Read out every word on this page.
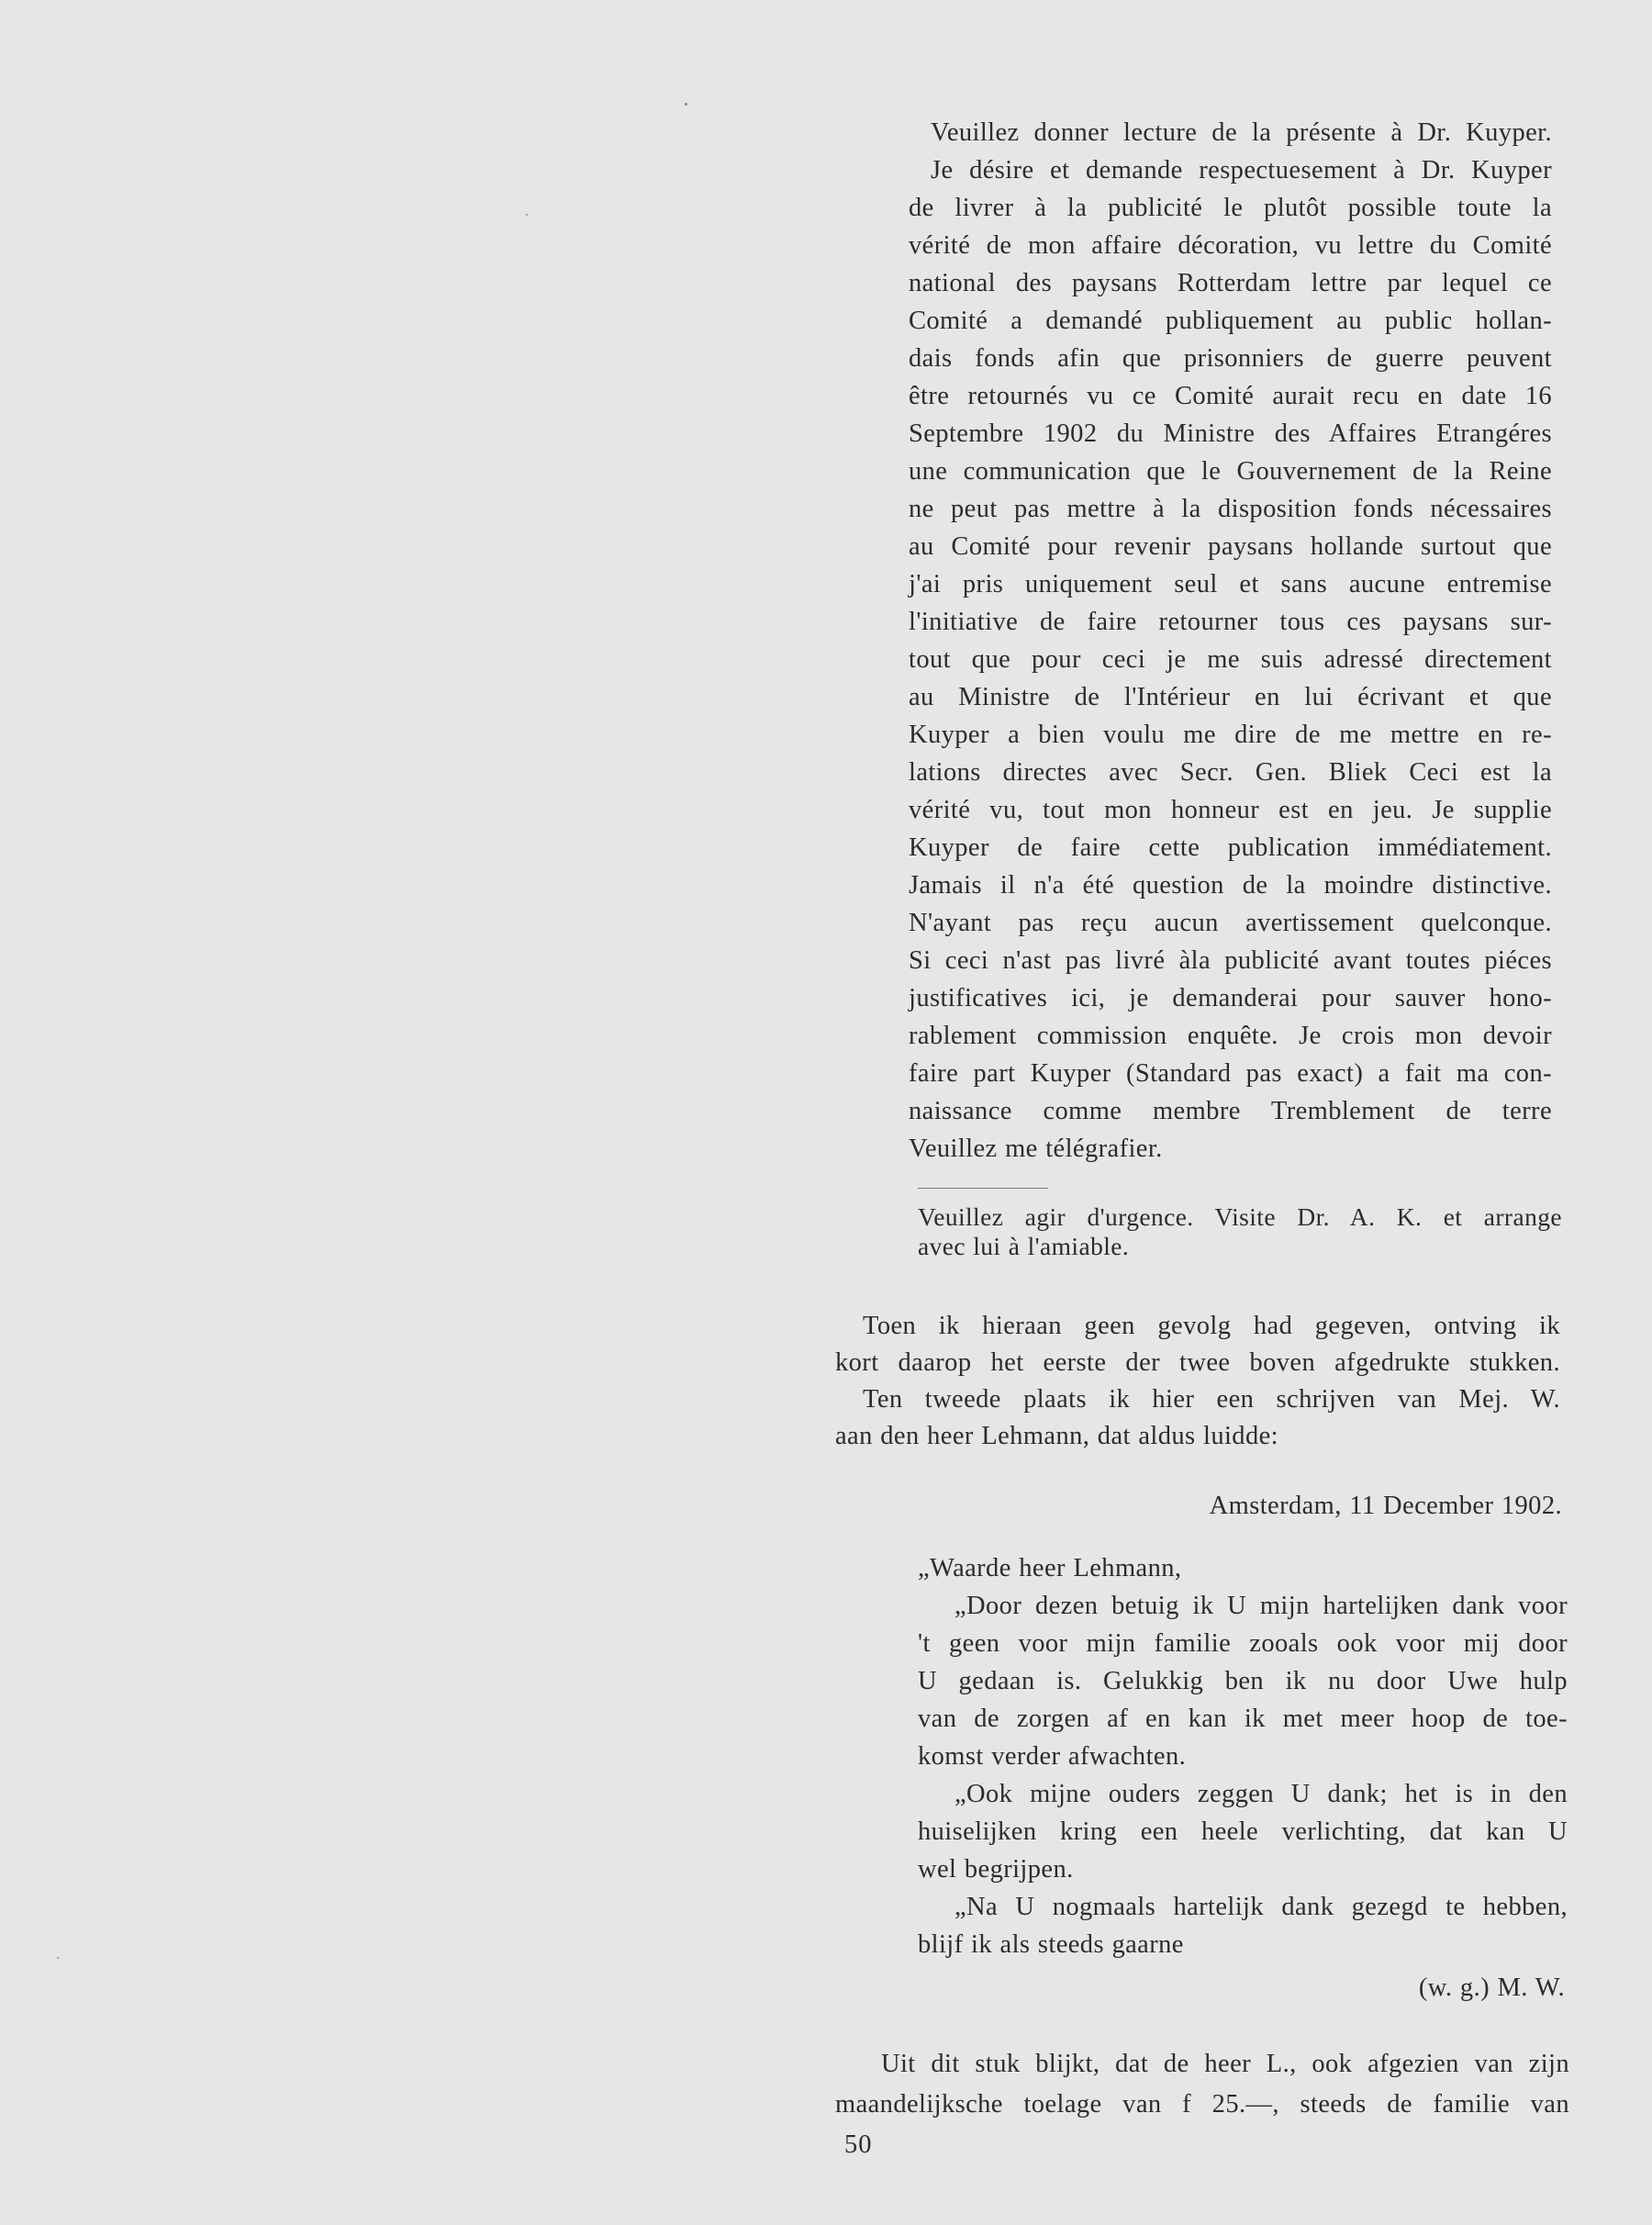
Veuillez donner lecture de la présente à Dr. Kuyper.
Je désire et demande respectuesement à Dr. Kuyper
de livrer à la publicité le plutôt possible toute la
vérité de mon affaire décoration, vu lettre du Comité
national des paysans Rotterdam lettre par lequel ce
Comité a demandé publiquement au public hollan-
dais fonds afin que prisonniers de guerre peuvent
être retournés vu ce Comité aurait recu en date 16
Septembre 1902 du Ministre des Affaires Etrangéres
une communication que le Gouvernement de la Reine
ne peut pas mettre à la disposition fonds nécessaires
au Comité pour revenir paysans hollande surtout que
j'ai pris uniquement seul et sans aucune entremise
l'initiative de faire retourner tous ces paysans sur-
tout que pour ceci je me suis adressé directement
au Ministre de l'Intérieur en lui écrivant et que
Kuyper a bien voulu me dire de me mettre en re-
lations directes avec Secr. Gen. Bliek Ceci est la
vérité vu, tout mon honneur est en jeu. Je supplie
Kuyper de faire cette publication immédiatement.
Jamais il n'a été question de la moindre distinctive.
N'ayant pas reçu aucun avertissement quelconque.
Si ceci n'ast pas livré àla publicité avant toutes piéces
justificatives ici, je demanderai pour sauver hono-
rablement commission enquête. Je crois mon devoir
faire part Kuyper (Standard pas exact) a fait ma con-
naissance comme membre Tremblement de terre
Veuillez me télégrafier.
Veuillez agir d'urgence. Visite Dr. A. K. et arrange
avec lui à l'amiable.
Toen ik hieraan geen gevolg had gegeven, ontving ik
kort daarop het eerste der twee boven afgedrukte stukken.
Ten tweede plaats ik hier een schrijven van Mej. W.
aan den heer Lehmann, dat aldus luidde:
Amsterdam, 11 December 1902.
„Waarde heer Lehmann,
„Door dezen betuig ik U mijn hartelijken dank voor
't geen voor mijn familie zooals ook voor mij door
U gedaan is. Gelukkig ben ik nu door Uwe hulp
van de zorgen af en kan ik met meer hoop de toe-
komst verder afwachten.
„Ook mijne ouders zeggen U dank; het is in den
huiselijken kring een heele verlichting, dat kan U
wel begrijpen.
„Na U nogmaals hartelijk dank gezegd te hebben,
blijf ik als steeds gaarne
(w. g.) M. W.
Uit dit stuk blijkt, dat de heer L., ook afgezien van zijn
maandelijksche toelage van f 25.—, steeds de familie van
50
